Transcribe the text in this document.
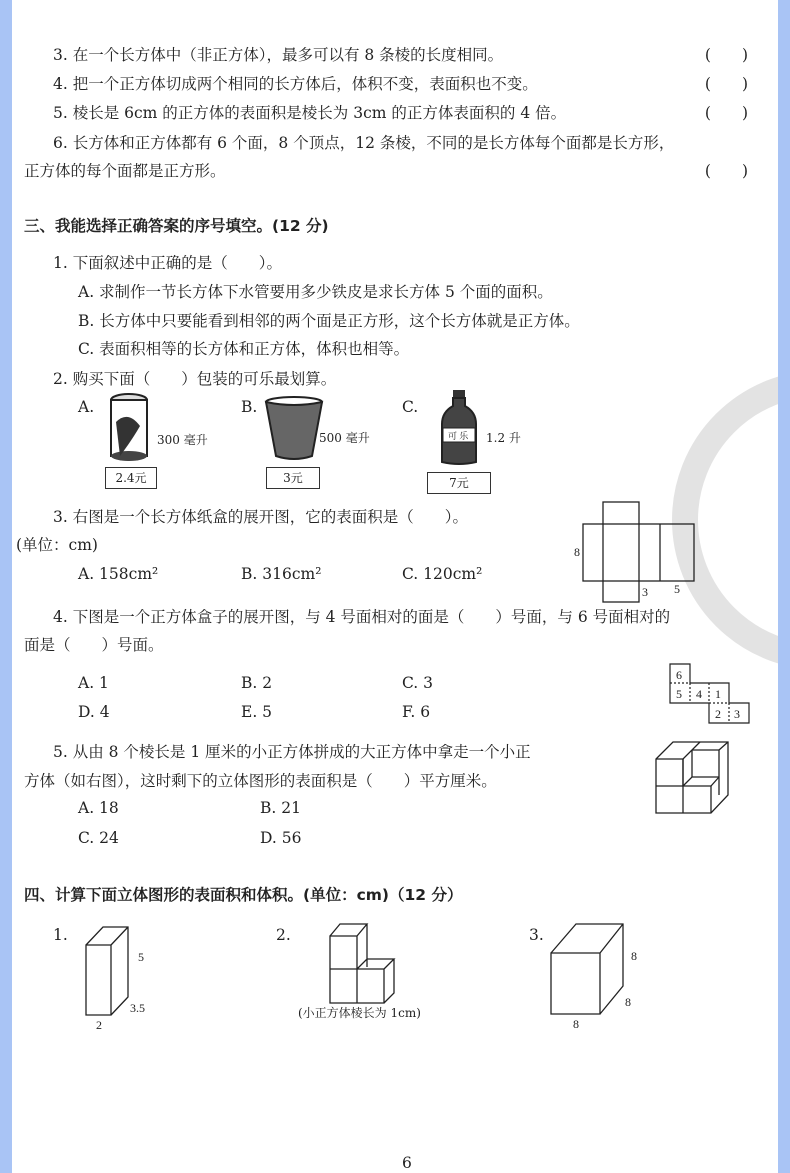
3. 在一个长方体中（非正方体），最多可以有 8 条棱的长度相同。	(　　)
4. 把一个正方体切成两个相同的长方体后，体积不变，表面积也不变。	(　　)
5. 棱长是 6cm 的正方体的表面积是棱长为 3cm 的正方体表面积的 4 倍。	(　　)
6. 长方体和正方体都有 6 个面，8 个顶点，12 条棱，不同的是长方体每个面都是长方形，
正方体的每个面都是正方形。	(　　)
三、我能选择正确答案的序号填空。(12 分)
1. 下面叙述中正确的是（　　）。
A. 求制作一节长方体下水管要用多少铁皮是求长方体 5 个面的面积。
B. 长方体中只要能看到相邻的两个面是正方形，这个长方体就是正方体。
C. 表面积相等的长方体和正方体，体积也相等。
2. 购买下面（　　）包装的可乐最划算。
A.
300 毫升
2.4元
B.
500 毫升
3元
C.
可 乐 1.2 升
7元
3. 右图是一个长方体纸盒的展开图，它的表面积是（　　）。
(单位：cm)
A. 158cm²	B. 316cm²	C. 120cm²
8
3 5
4. 下图是一个正方体盒子的展开图，与 4 号面相对的面是（　　）号面，与 6 号面相对的
面是（　　）号面。
A. 1	B. 2	C. 3
D. 4	E. 5	F. 6
6
5 4 1
2 3
5. 从由 8 个棱长是 1 厘米的小正方体拼成的大正方体中拿走一个小正
方体（如右图），这时剩下的立体图形的表面积是（　　）平方厘米。
A. 18	B. 21
C. 24	D. 56
四、计算下面立体图形的表面积和体积。(单位：cm)（12 分）
1.
5
3.5
2
2.
(小正方体棱长为 1cm)
3.
8
8
8
6
